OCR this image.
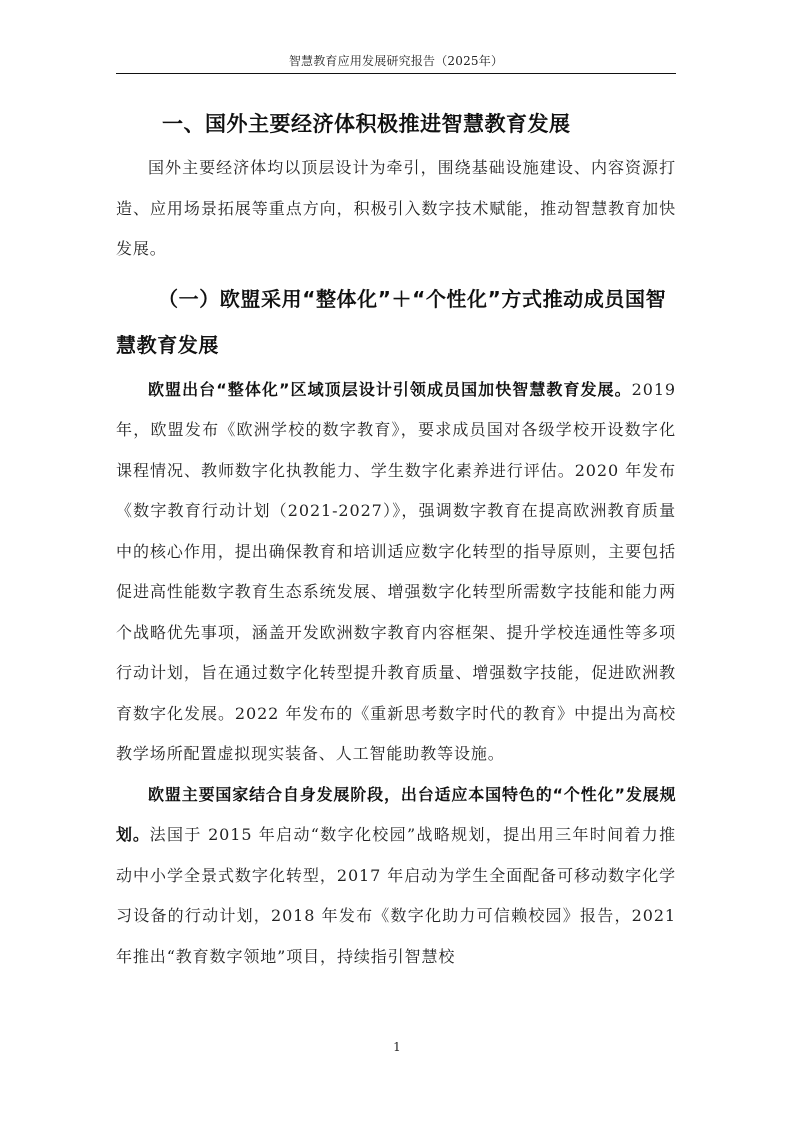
智慧教育应用发展研究报告（2025年）
一、国外主要经济体积极推进智慧教育发展

国外主要经济体均以顶层设计为牵引，围绕基础设施建设、内容资源打造、应用场景拓展等重点方向，积极引入数字技术赋能，推动智慧教育加快发展。

（一）欧盟采用“整体化”＋“个性化”方式推动成员国智慧教育发展

欧盟出台“整体化”区域顶层设计引领成员国加快智慧教育发展。2019 年，欧盟发布《欧洲学校的数字教育》，要求成员国对各级学校开设数字化课程情况、教师数字化执教能力、学生数字化素养进行评估。2020 年发布《数字教育行动计划（2021-2027）》，强调数字教育在提高欧洲教育质量中的核心作用，提出确保教育和培训适应数字化转型的指导原则，主要包括促进高性能数字教育生态系统发展、增强数字化转型所需数字技能和能力两个战略优先事项，涵盖开发欧洲数字教育内容框架、提升学校连通性等多项行动计划，旨在通过数字化转型提升教育质量、增强数字技能，促进欧洲教育数字化发展。2022 年发布的《重新思考数字时代的教育》中提出为高校教学场所配置虚拟现实装备、人工智能助教等设施。

欧盟主要国家结合自身发展阶段，出台适应本国特色的“个性化”发展规划。法国于 2015 年启动“数字化校园”战略规划，提出用三年时间着力推动中小学全景式数字化转型，2017 年启动为学生全面配备可移动数字化学习设备的行动计划，2018 年发布《数字化助力可信赖校园》报告，2021 年推出“教育数字领地”项目，持续指引智慧校

1
